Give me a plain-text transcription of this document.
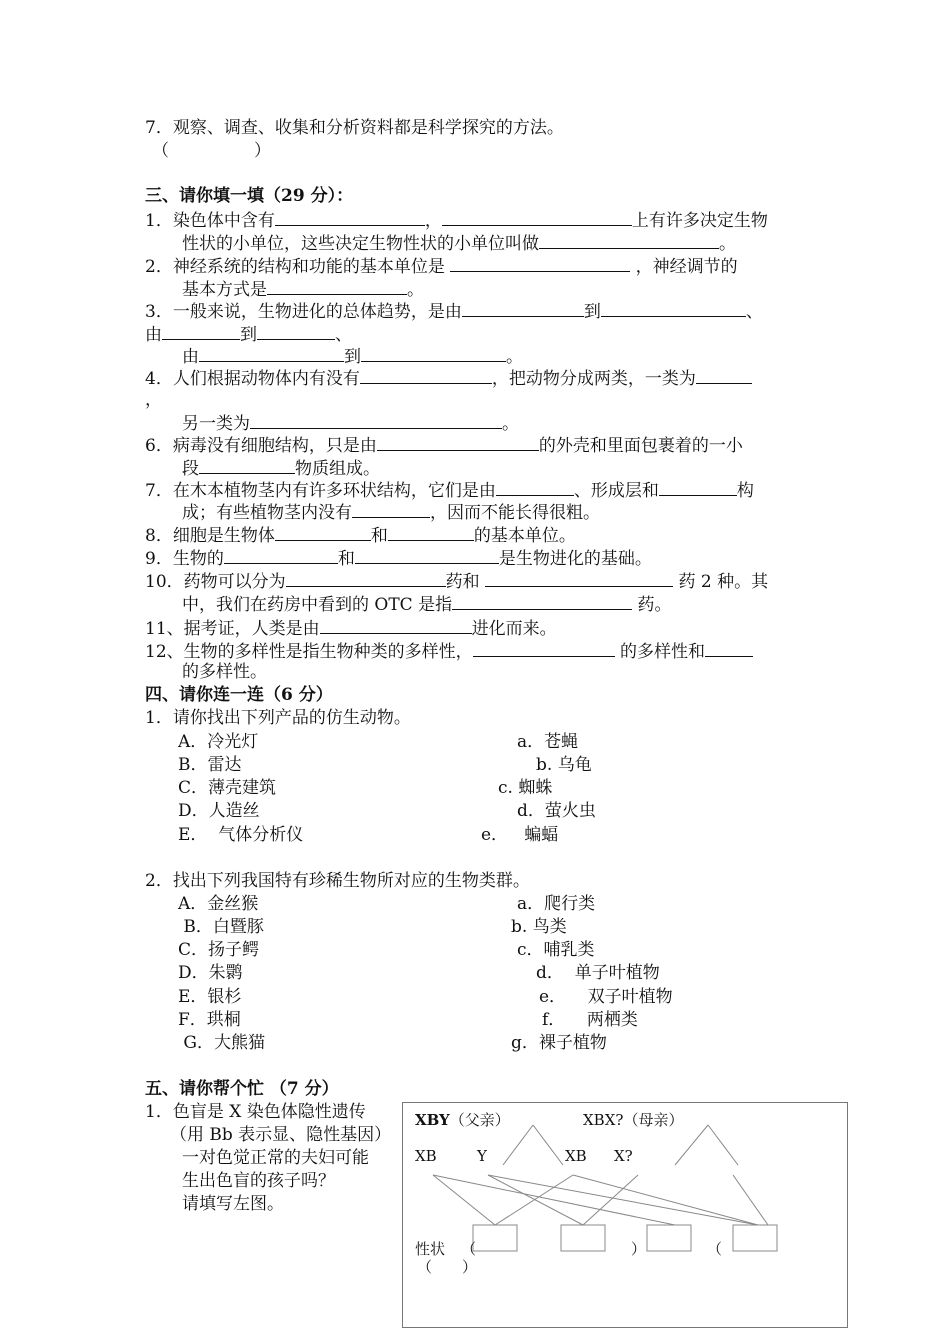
7．观察、调查、收集和分析资料都是科学探究的方法。
（　　　　　）
三、请你填一填（29 分）：
1．染色体中含有	，	上有许多决定生物
性状的小单位，这些决定生物性状的小单位叫做	。
2．神经系统的结构和功能的基本单位是	，神经调节的
基本方式是	。
3．一般来说，生物进化的总体趋势，是由	到	、
由	到	、
由	到	。
4．人们根据动物体内有没有	，把动物分成两类，一类为
，
另一类为	。
6．病毒没有细胞结构，只是由	的外壳和里面包裹着的一小
段	物质组成。
7．在木本植物茎内有许多环状结构，它们是由	、形成层和	构
成；有些植物茎内没有	，因而不能长得很粗。
8．细胞是生物体	和	的基本单位。
9．生物的	和	是生物进化的基础。
10．药物可以分为	药和	药 2 种。其
中，我们在药房中看到的 OTC 是指	药。
11、据考证，人类是由	进化而来。
12、生物的多样性是指生物种类的多样性，	的多样性和
的多样性。
四、请你连一连（6 分）
1．请你找出下列产品的仿生动物。
A．冷光灯
B．雷达
C．薄壳建筑
D．人造丝
E．  气体分析仪
a．苍蝇
b. 乌龟
c. 蜘蛛
d．萤火虫
e．   蝙蝠
2．找出下列我国特有珍稀生物所对应的生物类群。
A．金丝猴
B．白暨豚
C．扬子鳄
D．朱鹮
E．银杉
F．珙桐
G．大熊猫
a．爬行类
b. 鸟类
c．哺乳类
d．  单子叶植物
e．    双子叶植物
f．    两栖类
g．裸子植物
五、请你帮个忙 （7 分）
1．色盲是 X 染色体隐性遗传
（用 Bb 表示显、隐性基因）
一对色觉正常的夫妇可能
生出色盲的孩子吗？
请填写左图。
XBY（父亲）	XBX?（母亲）
XB	Y	XB X?
性状 （	）	（
（　　）
